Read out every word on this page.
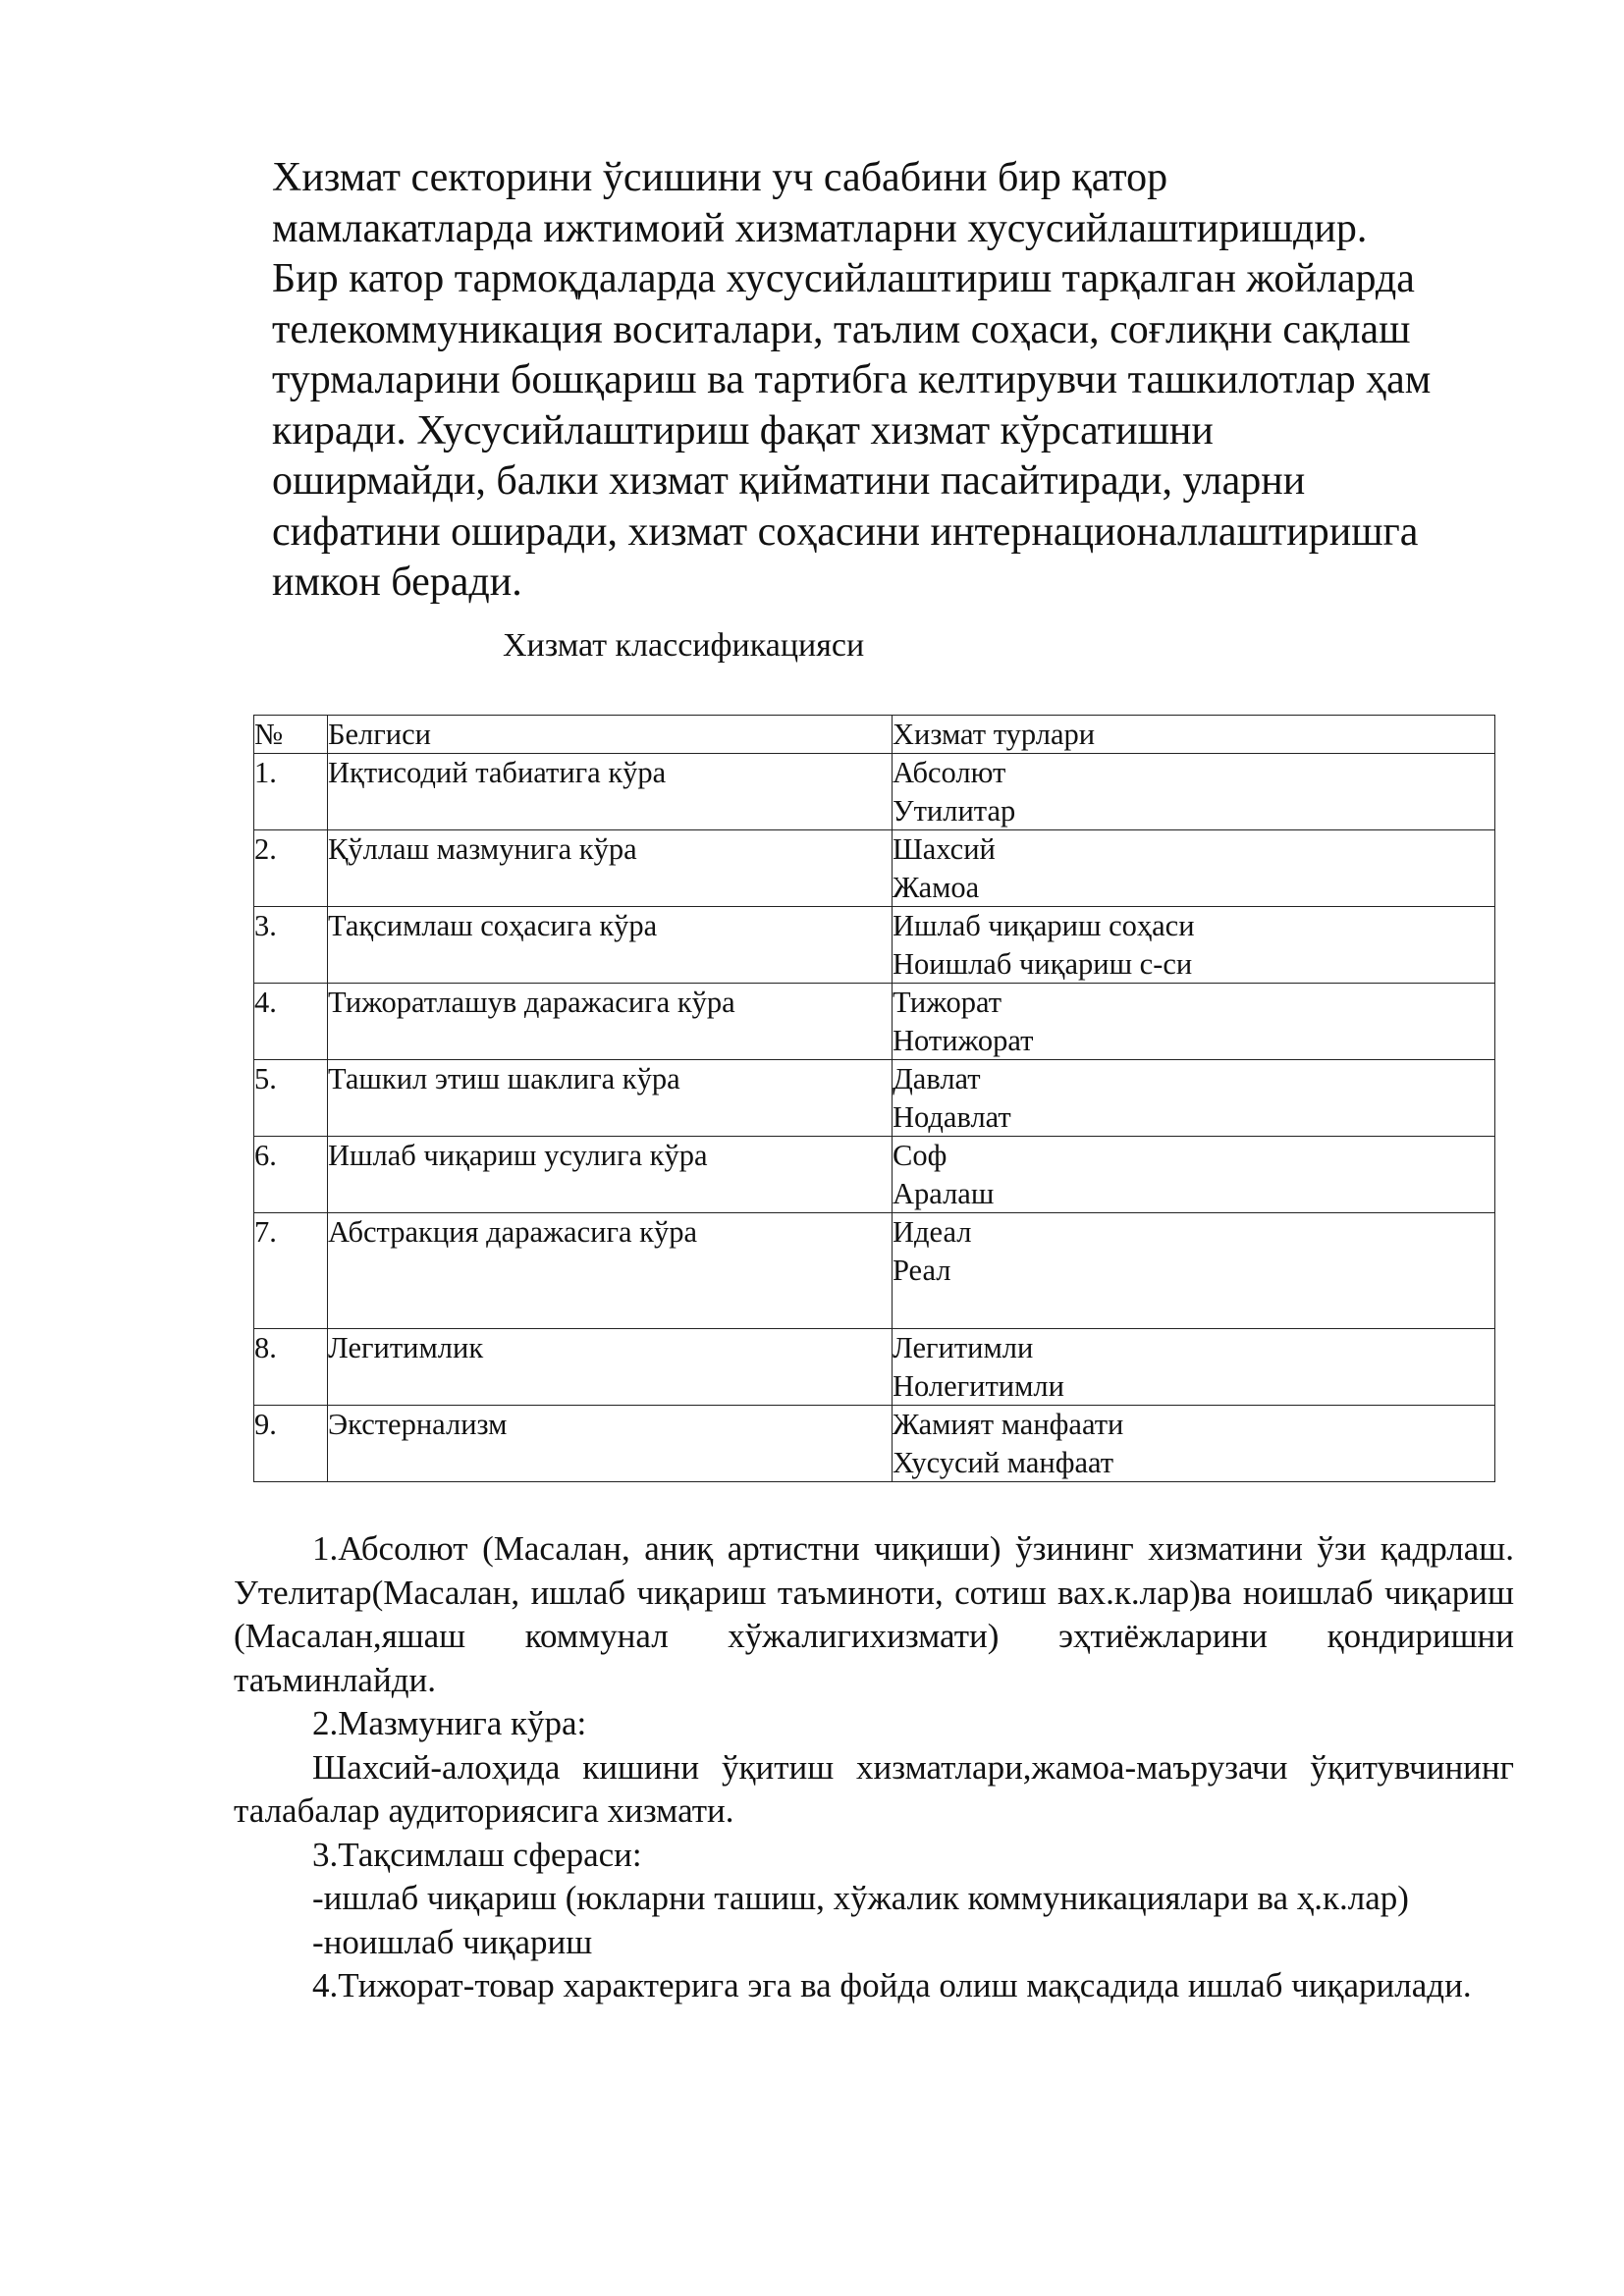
Хизмат секторини ўсишини уч сабабини бир қатор
мамлакатларда ижтимоий хизматларни хусусийлаштиришдир.
Бир катор тармоқдаларда хусусийлаштириш тарқалган жойларда
телекоммуникация воситалари, таълим соҳаси, соғлиқни сақлаш
турмаларини бошқариш ва тартибга келтирувчи ташкилотлар ҳам
киради. Хусусийлаштириш фақат хизмат кўрсатишни
оширмайди, балки хизмат қийматини пасайтиради, уларни
сифатини оширади, хизмат соҳасини интернационаллаштиришга
имкон беради.
Хизмат классификацияси
№	Белгиси	Хизмат турлари
1.	Иқтисодий табиатига кўра	Абсолют
Утилитар

2.	Қўллаш мазмунига кўра	Шахсий
Жамоа

3.	Тақсимлаш соҳасига кўра	Ишлаб чиқариш соҳаси
Ноишлаб чиқариш с-си

4.	Тижоратлашув даражасига кўра	Тижорат
Нотижорат

5.	Ташкил этиш шаклига кўра	Давлат
Нодавлат

6.	Ишлаб чиқариш усулига кўра	Соф
Аралаш

7.	Абстракция даражасига кўра	Идеал
Реал

8.	Легитимлик	Легитимли
Нолегитимли

9.	Экстернализм	Жамият манфаати
Хусусий манфаат

1.Абсолют (Масалан, аниқ артистни чиқиши) ўзининг хизматини ўзи қадрлаш. Утелитар(Масалан, ишлаб чиқариш таъминоти, сотиш вах.к.лар)ва ноишлаб чиқариш (Масалан,яшаш коммунал хўжалигихизмати) эҳтиёжларини қондиришни таъминлайди.

2.Мазмунига кўра:

Шахсий-алоҳида кишини ўқитиш хизматлари,жамоа-маърузачи ўқитувчининг талабалар аудиториясига хизмати.

3.Тақсимлаш сфераси:

-ишлаб чиқариш (юкларни ташиш, хўжалик коммуникациялари ва ҳ.к.лар)

-ноишлаб чиқариш

4.Тижорат-товар характерига эга ва фойда олиш мақсадида ишлаб чиқарилади.
